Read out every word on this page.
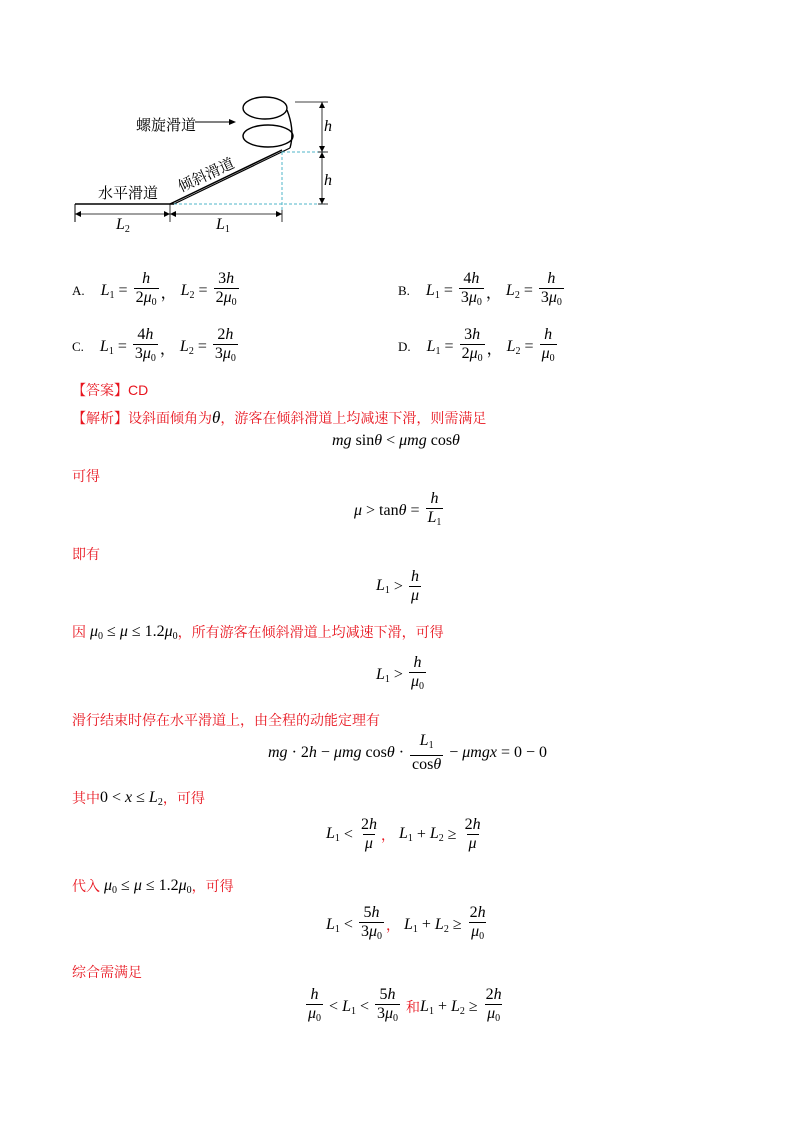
螺旋滑道
倾斜滑道
水平滑道
h
h
$L_2$	$L_1$
A. $L_1 = \frac{h}{2\mu_0}$ ， $L_2 = \frac{3h}{2\mu_0}$	B. $L_1 = \frac{4h}{3\mu_0}$ ， $L_2 = \frac{h}{3\mu_0}$
C. $L_1 = \frac{4h}{3\mu_0}$ ， $L_2 = \frac{2h}{3\mu_0}$	D. $L_1 = \frac{3h}{2\mu_0}$ ， $L_2 = \frac{h}{\mu_0}$
【答案】CD
【解析】设斜面倾角为θ，游客在倾斜滑道上均减速下滑，则需满足
mg sin θ < μmg cos θ
可得
$\mu > \tan \theta = \frac{h}{L_1}$
即有
$L_1 > \frac{h}{\mu}$
因 $\mu_0 \le \mu \le 1.2\mu_0$ ，所有游客在倾斜滑道上均减速下滑，可得
$L_1 > \frac{h}{\mu_0}$
滑行结束时停在水平滑道上，由全程的动能定理有
mg · 2 h − μmg $\cos \theta \cdot \frac{L_1}{\cos\theta} - \mu mgx = 0 - 0$
其中 $0 < x \le L_2$ ，可得
$L_1 < \frac{2h}{\mu}$ ，
$L_1 + L_2 \ge \frac{2h}{\mu}$
代入 $\mu_0 \le \mu \le 1.2\mu_0$ ，可得
$L_1 < \frac{5h}{3\mu_0}$ ，
$L_1 + L_2 \ge \frac{2h}{\mu_0}$
综合需满足
$\frac{h}{\mu_0} < L_1 < \frac{5h}{3\mu_0}$
和 $L_1 + L_2 \ge \frac{2h}{\mu_0}$
